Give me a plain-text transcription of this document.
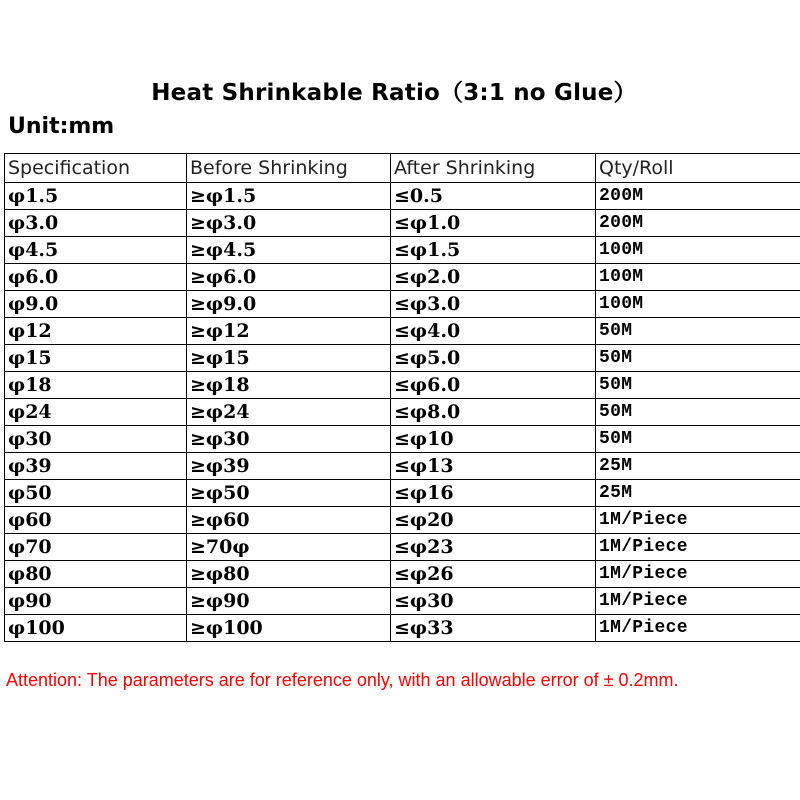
Heat Shrinkable Ratio（3:1 no Glue）
Unit:mm
Specification	Before Shrinking	After Shrinking	Qty/Roll
φ1.5	≥φ1.5	≤0.5	200M
φ3.0	≥φ3.0	≤φ1.0	200M
φ4.5	≥φ4.5	≤φ1.5	100M
φ6.0	≥φ6.0	≤φ2.0	100M
φ9.0	≥φ9.0	≤φ3.0	100M
φ12	≥φ12	≤φ4.0	50M
φ15	≥φ15	≤φ5.0	50M
φ18	≥φ18	≤φ6.0	50M
φ24	≥φ24	≤φ8.0	50M
φ30	≥φ30	≤φ10	50M
φ39	≥φ39	≤φ13	25M
φ50	≥φ50	≤φ16	25M
φ60	≥φ60	≤φ20	1M/Piece
φ70	≥70φ	≤φ23	1M/Piece
φ80	≥φ80	≤φ26	1M/Piece
φ90	≥φ90	≤φ30	1M/Piece
φ100	≥φ100	≤φ33	1M/Piece
Attention: The parameters are for reference only, with an allowable error of ± 0.2mm.
